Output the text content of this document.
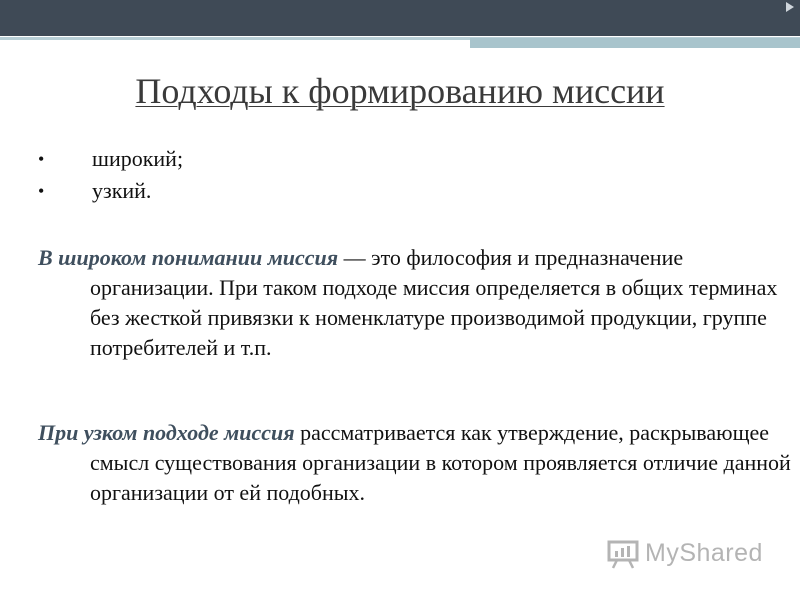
Подходы к формированию миссии
• широкий;
• узкий.

В широком понимании миссия — это философия и предназначение организации. При таком подходе миссия определяется в общих терминах без жесткой привязки к номенклатуре производимой продукции, группе потребителей и т.п.

При узком подходе миссия рассматривается как утверждение, раскрывающее смысл существования организации в котором проявляется отличие данной организации от ей подобных.

MyShared
